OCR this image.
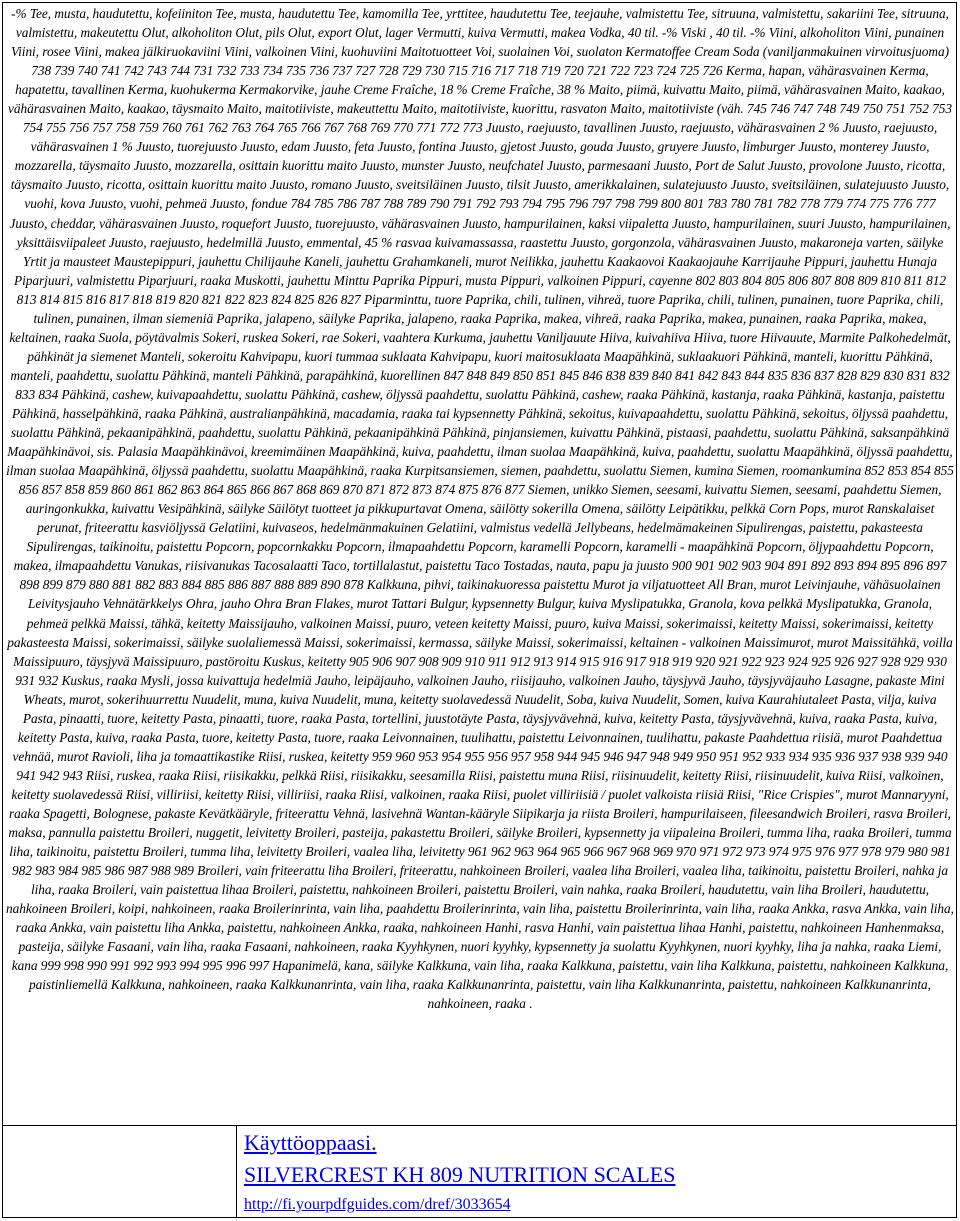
-% Tee, musta, haudutettu, kofeiiniton Tee, musta, haudutettu Tee, kamomilla Tee, yrttitee, haudutettu Tee, teejauhe, valmistettu Tee, sitruuna, valmistettu, sakariini Tee, sitruuna, valmistettu, makeutettu Olut, alkoholiton Olut, pils Olut, export Olut, lager Vermutti, kuiva Vermutti, makea Vodka, 40 til. -% Viski , 40 til. -% Viini, alkoholiton Viini, punainen Viini, rosee Viini, makea jälkiruokaviini Viini, valkoinen Viini, kuohuviini Maitotuotteet Voi, suolainen Voi, suolaton Kermatoffee Cream Soda (vaniljanmakuinen virvoitusjuoma) 738 739 740 741 742 743 744 731 732 733 734 735 736 737 727 728 729 730 715 716 717 718 719 720 721 722 723 724 725 726 Kerma, hapan, vähärasvainen Kerma, hapatettu, tavallinen Kerma, kuohukerma Kermakorvike, jauhe Creme Fraîche, 18 % Creme Fraîche, 38 % Maito, piimä, kuivattu Maito, piimä, vähärasvainen Maito, kaakao, vähärasvainen Maito, kaakao, täysmaito Maito, maitotiiviste, makeuttettu Maito, maitotiiviste, kuorittu, rasvaton Maito, maitotiiviste (väh. 745 746 747 748 749 750 751 752 753 754 755 756 757 758 759 760 761 762 763 764 765 766 767 768 769 770 771 772 773 Juusto, raejuusto, tavallinen Juusto, raejuusto, vähärasvainen 2 % Juusto, raejuusto, vähärasvainen 1 % Juusto, tuorejuusto Juusto, edam Juusto, feta Juusto, fontina Juusto, gjetost Juusto, gouda Juusto, gruyere Juusto, limburger Juusto, monterey Juusto, mozzarella, täysmaito Juusto, mozzarella, osittain kuorittu maito Juusto, munster Juusto, neufchatel Juusto, parmesaani Juusto, Port de Salut Juusto, provolone Juusto, ricotta, täysmaito Juusto, ricotta, osittain kuorittu maito Juusto, romano Juusto, sveitsiläinen Juusto, tilsit Juusto, amerikkalainen, sulatejuusto Juusto, sveitsiläinen, sulatejuusto Juusto, vuohi, kova Juusto, vuohi, pehmeä Juusto, fondue 784 785 786 787 788 789 790 791 792 793 794 795 796 797 798 799 800 801 783 780 781 782 778 779 774 775 776 777 Juusto, cheddar, vähärasvainen Juusto, roquefort Juusto, tuorejuusto, vähärasvainen Juusto, hampurilainen, kaksi viipaletta Juusto, hampurilainen, suuri Juusto, hampurilainen, yksittäisviipaleet Juusto, raejuusto, hedelmillä Juusto, emmental, 45 % rasvaa kuivamassassa, raastettu Juusto, gorgonzola, vähärasvainen Juusto, makaroneja varten, säilyke Yrtit ja mausteet Maustepippuri, jauhettu Chilijauhe Kaneli, jauhettu Grahamkaneli, murot Neilikka, jauhettu Kaakaovoi Kaakaojauhe Karrijauhe Pippuri, jauhettu Hunaja Piparjuuri, valmistettu Piparjuuri, raaka Muskotti, jauhettu Minttu Paprika Pippuri, musta Pippuri, valkoinen Pippuri, cayenne 802 803 804 805 806 807 808 809 810 811 812 813 814 815 816 817 818 819 820 821 822 823 824 825 826 827 Piparminttu, tuore Paprika, chili, tulinen, vihreä, tuore Paprika, chili, tulinen, punainen, tuore Paprika, chili, tulinen, punainen, ilman siemeniä Paprika, jalapeno, säilyke Paprika, jalapeno, raaka Paprika, makea, vihreä, raaka Paprika, makea, punainen, raaka Paprika, makea, keltainen, raaka Suola, pöytävalmis Sokeri, ruskea Sokeri, rae Sokeri, vaahtera Kurkuma, jauhettu Vaniljauute Hiiva, kuivahiiva Hiiva, tuore Hiivauute, Marmite Palkohedelmät, pähkinät ja siemenet Manteli, sokeroitu Kahvipapu, kuori tummaa suklaata Kahvipapu, kuori maitosuklaata Maapähkinä, suklaakuori Pähkinä, manteli, kuorittu Pähkinä, manteli, paahdettu, suolattu Pähkinä, manteli Pähkinä, parapähkinä, kuorellinen 847 848 849 850 851 845 846 838 839 840 841 842 843 844 835 836 837 828 829 830 831 832 833 834 Pähkinä, cashew, kuivapaahdettu, suolattu Pähkinä, cashew, öljyssä paahdettu, suolattu Pähkinä, cashew, raaka Pähkinä, kastanja, raaka Pähkinä, kastanja, paistettu Pähkinä, hasselpähkinä, raaka Pähkinä, australianpähkinä, macadamia, raaka tai kypsennetty Pähkinä, sekoitus, kuivapaahdettu, suolattu Pähkinä, sekoitus, öljyssä paahdettu, suolattu Pähkinä, pekaanipähkinä, paahdettu, suolattu Pähkinä, pekaanipähkinä Pähkinä, pinjansiemen, kuivattu Pähkinä, pistaasi, paahdettu, suolattu Pähkinä, saksanpähkinä Maapähkinävoi, sis. Palasia Maapähkinävoi, kreemimäinen Maapähkinä, kuiva, paahdettu, ilman suolaa Maapähkinä, kuiva, paahdettu, suolattu Maapähkinä, öljyssä paahdettu, ilman suolaa Maapähkinä, öljyssä paahdettu, suolattu Maapähkinä, raaka Kurpitsansiemen, siemen, paahdettu, suolattu Siemen, kumina Siemen, roomankumina 852 853 854 855 856 857 858 859 860 861 862 863 864 865 866 867 868 869 870 871 872 873 874 875 876 877 Siemen, unikko Siemen, seesami, kuivattu Siemen, seesami, paahdettu Siemen, auringonkukka, kuivattu Vesipähkinä, säilyke Säilötyt tuotteet ja pikkupurtavat Omena, säilötty sokerilla Omena, säilötty Leipätikku, pelkkä Corn Pops, murot Ranskalaiset perunat, friteerattu kasviöljyssä Gelatiini, kuivaseos, hedelmänmakuinen Gelatiini, valmistus vedellä Jellybeans, hedelmämakeinen Sipulirengas, paistettu, pakasteesta Sipulirengas, taikinoitu, paistettu Popcorn, popcornkakku Popcorn, ilmapaahdettu Popcorn, karamelli Popcorn, karamelli - maapähkinä Popcorn, öljypaahdettu Popcorn, makea, ilmapaahdettu Vanukas, riisivanukas Tacosalaatti Taco, tortillalastut, paistettu Taco Tostadas, nauta, papu ja juusto 900 901 902 903 904 891 892 893 894 895 896 897 898 899 879 880 881 882 883 884 885 886 887 888 889 890 878 Kalkkuna, pihvi, taikinakuoressa paistettu Murot ja viljatuotteet All Bran, murot Leivinjauhe, vähäsuolainen Leivitysjauho Vehnätärkkelys Ohra, jauho Ohra Bran Flakes, murot Tattari Bulgur, kypsennetty Bulgur, kuiva Myslipatukka, Granola, kova pelkkä Myslipatukka, Granola, pehmeä pelkkä Maissi, tähkä, keitetty Maissijauho, valkoinen Maissi, puuro, veteen keitetty Maissi, puuro, kuiva Maissi, sokerimaissi, keitetty Maissi, sokerimaissi, keitetty pakasteesta Maissi, sokerimaissi, säilyke suolaliemessä Maissi, sokerimaissi, kermassa, säilyke Maissi, sokerimaissi, keltainen - valkoinen Maissimurot, murot Maissitähkä, voilla Maissipuuro, täysjyvä Maissipuuro, pastöroitu Kuskus, keitetty 905 906 907 908 909 910 911 912 913 914 915 916 917 918 919 920 921 922 923 924 925 926 927 928 929 930 931 932 Kuskus, raaka Mysli, jossa kuivattuja hedelmiä Jauho, leipäjauho, valkoinen Jauho, riisijauho, valkoinen Jauho, täysjyvä Jauho, täysjyväjauho Lasagne, pakaste Mini Wheats, murot, sokerihuurrettu Nuudelit, muna, kuiva Nuudelit, muna, keitetty suolavedessä Nuudelit, Soba, kuiva Nuudelit, Somen, kuiva Kaurahiutaleet Pasta, vilja, kuiva Pasta, pinaatti, tuore, keitetty Pasta, pinaatti, tuore, raaka Pasta, tortellini, juustotäyte Pasta, täysjyvävehnä, kuiva, keitetty Pasta, täysjyvävehnä, kuiva, raaka Pasta, kuiva, keitetty Pasta, kuiva, raaka Pasta, tuore, keitetty Pasta, tuore, raaka Leivonnainen, tuulihattu, paistettu Leivonnainen, tuulihattu, pakaste Paahdettua riisiä, murot Paahdettua vehnää, murot Ravioli, liha ja tomaattikastike Riisi, ruskea, keitetty 959 960 953 954 955 956 957 958 944 945 946 947 948 949 950 951 952 933 934 935 936 937 938 939 940 941 942 943 Riisi, ruskea, raaka Riisi, riisikakku, pelkkä Riisi, riisikakku, seesamilla Riisi, paistettu muna Riisi, riisinuudelit, keitetty Riisi, riisinuudelit, kuiva Riisi, valkoinen, keitetty suolavedessä Riisi, villiriisi, keitetty Riisi, villiriisi, raaka Riisi, valkoinen, raaka Riisi, puolet villiriisiä / puolet valkoista riisiä Riisi, "Rice Crispies", murot Mannaryyni, raaka Spagetti, Bolognese, pakaste Kevätkääryle, friteerattu Vehnä, lasivehnä Wantan-kääryle Siipikarja ja riista Broileri, hampurilaiseen, fileesandwich Broileri, rasva Broileri, maksa, pannulla paistettu Broileri, nuggetit, leivitetty Broileri, pasteija, pakastettu Broileri, säilyke Broileri, kypsennetty ja viipaleina Broileri, tumma liha, raaka Broileri, tumma liha, taikinoitu, paistettu Broileri, tumma liha, leivitetty Broileri, vaalea liha, leivitetty 961 962 963 964 965 966 967 968 969 970 971 972 973 974 975 976 977 978 979 980 981 982 983 984 985 986 987 988 989 Broileri, vain friteerattu liha Broileri, friteerattu, nahkoineen Broileri, vaalea liha Broileri, vaalea liha, taikinoitu, paistettu Broileri, nahka ja liha, raaka Broileri, vain paistettua lihaa Broileri, paistettu, nahkoineen Broileri, paistettu Broileri, vain nahka, raaka Broileri, haudutettu, vain liha Broileri, haudutettu, nahkoineen Broileri, koipi, nahkoineen, raaka Broilerinrinta, vain liha, paahdettu Broilerinrinta, vain liha, paistettu Broilerinrinta, vain liha, raaka Ankka, rasva Ankka, vain liha, raaka Ankka, vain paistettu liha Ankka, paistettu, nahkoineen Ankka, raaka, nahkoineen Hanhi, rasva Hanhi, vain paistettua lihaa Hanhi, paistettu, nahkoineen Hanhenmaksa, pasteija, säilyke Fasaani, vain liha, raaka Fasaani, nahkoineen, raaka Kyyhkynen, nuori kyyhky, kypsennetty ja suolattu Kyyhkynen, nuori kyyhky, liha ja nahka, raaka Liemi, kana 999 998 990 991 992 993 994 995 996 997 Hapanimelä, kana, säilyke Kalkkuna, vain liha, raaka Kalkkuna, paistettu, vain liha Kalkkuna, paistettu, nahkoineen Kalkkuna, paistinliemellä Kalkkuna, nahkoineen, raaka Kalkkunanrinta, vain liha, raaka Kalkkunanrinta, paistettu, vain liha Kalkkunanrinta, paistettu, nahkoineen Kalkkunanrinta, nahkoineen, raaka .
Käyttöoppaasi.
SILVERCREST KH 809 NUTRITION SCALES
http://fi.yourpdfguides.com/dref/3033654
